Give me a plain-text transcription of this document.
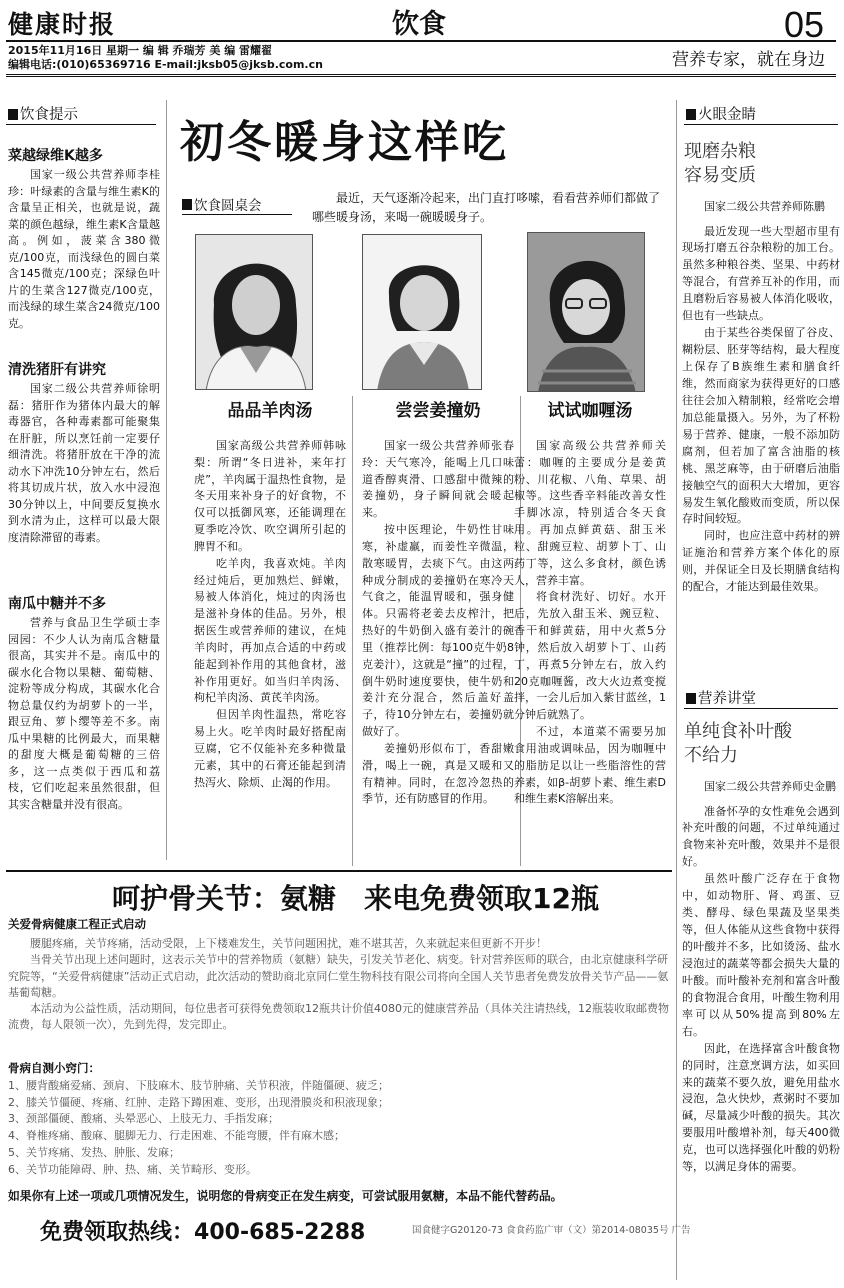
健康时报	饮食	05
2015年11月16日 星期一 编 辑 乔瑞芳 美 编 雷耀翟
编辑电话:(010)65369716 E-mail:jksb05@jksb.com.cn	营养专家，就在身边
饮食提示
菜越绿维K越多

国家一级公共营养师李桂珍：叶绿素的含量与维生素K的含量呈正相关，也就是说，蔬菜的颜色越绿，维生素K含量越高。例如，菠菜含380微克/100克，而浅绿色的圆白菜含145微克/100克；深绿色叶片的生菜含127微克/100克，而浅绿的球生菜含24微克/100克。

清洗猪肝有讲究

国家二级公共营养师徐明磊：猪肝作为猪体内最大的解毒器官，各种毒素都可能聚集在肝脏，所以烹饪前一定要仔细清洗。将猪肝放在干净的流动水下冲洗10分钟左右，然后将其切成片状，放入水中浸泡30分钟以上，中间要反复换水到水清为止，这样可以最大限度清除滞留的毒素。

南瓜中糖并不多

营养与食品卫生学硕士李园园：不少人认为南瓜含糖量很高，其实并不是。南瓜中的碳水化合物以果糖、葡萄糖、淀粉等成分构成，其碳水化合物总量仅约为胡萝卜的一半，跟豆角、萝卜缨等差不多。南瓜中果糖的比例最大，而果糖的甜度大概是葡萄糖的三倍多，这一点类似于西瓜和荔枝，它们吃起来虽然很甜，但其实含糖量并没有很高。

初冬暖身这样吃
饮食圆桌会	最近，天气逐渐冷起来，出门直打哆嗦，看看营养师们都做了哪些暖身汤，来喝一碗暖暖身子。
品品羊肉汤

国家高级公共营养师韩咏梨：所谓“冬日进补，来年打虎”，羊肉属于温热性食物，是冬天用来补身子的好食物，不仅可以抵御风寒，还能调理在夏季吃冷饮、吹空调所引起的脾胃不和。

吃羊肉，我喜欢炖。羊肉经过炖后，更加熟烂、鲜嫩，易被人体消化，炖过的肉汤也是滋补身体的佳品。另外，根据医生或营养师的建议，在炖羊肉时，再加点合适的中药或能起到补作用的其他食材，滋补作用更好。如当归羊肉汤、枸杞羊肉汤、黄芪羊肉汤。

但因羊肉性温热，常吃容易上火。吃羊肉时最好搭配南豆腐，它不仅能补充多种微量元素，其中的石膏还能起到清热泻火、除烦、止渴的作用。

尝尝姜撞奶

国家一级公共营养师张春玲：天气寒冷，能喝上几口味道香醇爽滑、口感甜中微辣的姜撞奶，身子瞬间就会暖起来。

按中医理论，牛奶性甘味寒，补虚羸，而姜性辛微温，散寒暖胃，去痰下气。由这两种成分制成的姜撞奶在寒冷天气食之，能温胃暖和，强身健体。只需将老姜去皮榨汁，把热好的牛奶倒入盛有姜汁的碗里（推荐比例：每100克牛奶8克姜汁），这就是“撞”的过程，倒牛奶时速度要快，使牛奶和姜汁充分混合，然后盖好盖子，待10分钟左右，姜撞奶就做好了。

姜撞奶形似布丁，香甜嫩滑，喝上一碗，真是又暖和又有精神。同时，在忽冷忽热的季节，还有防感冒的作用。

试试咖喱汤

国家高级公共营养师关蕾：咖喱的主要成分是姜黄粉、川花椒、八角、草果、胡椒等。这些香辛料能改善女性手脚冰凉，特别适合冬天食用。再加点鲜黄菇、甜玉米粒、甜豌豆粒、胡萝卜丁、山药丁等，这么多食材，颜色诱人，营养丰富。

将食材洗好、切好。水开后，先放入甜玉米、豌豆粒、香干和鲜黄菇，用中火煮5分钟，然后放入胡萝卜丁、山药丁，再煮5分钟左右，放入约20克咖喱酱，改大火边煮变搅拌，一会儿后加入紫甘蓝丝，1分钟后就熟了。

不过，本道菜不需要另加食用油或调味品，因为咖喱中的脂肪足以让一些脂溶性的营养素，如β-胡萝卜素、维生素D和维生素K溶解出来。

火眼金睛
现磨杂粮
容易变质

国家二级公共营养师陈鹏

最近发现一些大型超市里有现场打磨五谷杂粮粉的加工台。虽然多种粮谷类、坚果、中药材等混合，有营养互补的作用，而且磨粉后容易被人体消化吸收，但也有一些缺点。

由于某些谷类保留了谷皮、糊粉层、胚芽等结构，最大程度上保存了B族维生素和膳食纤维，然而商家为获得更好的口感往往会加入精制粮，经常吃会增加总能量摄入。另外，为了杯粉易于营养、健康，一般不添加防腐剂，但若加了富含油脂的核桃、黑芝麻等，由于研磨后油脂接触空气的面积大大增加，更容易发生氧化酸败而变质，所以保存时间较短。

同时，也应注意中药材的辨证施治和营养方案个体化的原则，并保证全日及长期膳食结构的配合，才能达到最佳效果。

营养讲堂
单纯食补叶酸
不给力

国家二级公共营养师史金鹏

准备怀孕的女性难免会遇到补充叶酸的问题，不过单纯通过食物来补充叶酸，效果并不是很好。

虽然叶酸广泛存在于食物中，如动物肝、肾、鸡蛋、豆类、酵母、绿色果蔬及坚果类等，但人体能从这些食物中获得的叶酸并不多，比如烫汤、盐水浸泡过的蔬菜等都会损失大量的叶酸。而叶酸补充剂和富含叶酸的食物混合食用，叶酸生物利用率可以从50%提高到80%左右。

因此，在选择富含叶酸食物的同时，注意烹调方法，如买回来的蔬菜不要久放，避免用盐水浸泡，急火快炒，煮粥时不要加碱，尽量减少叶酸的损失。其次要服用叶酸增补剂，每天400微克，也可以选择强化叶酸的奶粉等，以满足身体的需要。

呵护骨关节：氨糖　来电免费领取12瓶
关爱骨病健康工程正式启动

腰腿疼痛，关节疼痛，活动受限，上下楼难发生，关节问题困扰，难不堪其苦，久来就起来但更新不开步！

当骨关节出现上述问题时，这表示关节中的营养物质（氨糖）缺失，引发关节老化、病变。针对营养医师的联合，由北京健康科学研究院等，“关爱骨病健康”活动正式启动，此次活动的赞助商北京同仁堂生物科技有限公司将向全国人关节患者免费发放骨关节产品——氨基葡萄糖。

本活动为公益性质，活动期间，每位患者可获得免费领取12瓶共计价值4080元的健康营养品（具体关注请热线，12瓶装收取邮费物流费，每人限领一次），先到先得，发完即止。

骨病自测小窍门：
1、腰背酸痛爱痛、颈肩、下肢麻木、肢节肿痛、关节积液，伴随僵硬、疲乏；
2、膝关节僵硬、疼痛、红肿、走路下蹲困难、变形，出现滑膜炎和积液现象；
3、颈部僵硬、酸痛、头晕恶心、上肢无力、手指发麻；
4、脊椎疼痛、酸麻、腿脚无力、行走困难、不能弯腰，伴有麻木感；
5、关节疼痛、发热、肿胀、发麻；
6、关节功能障碍、肿、热、痛、关节畸形、变形。
如果你有上述一项或几项情况发生，说明您的骨病变正在发生病变，可尝试服用氨糖，本品不能代替药品。
免费领取热线：400-685-2288	国食健字G20120-73 食食药监广审（文）第2014-08035号 广告
